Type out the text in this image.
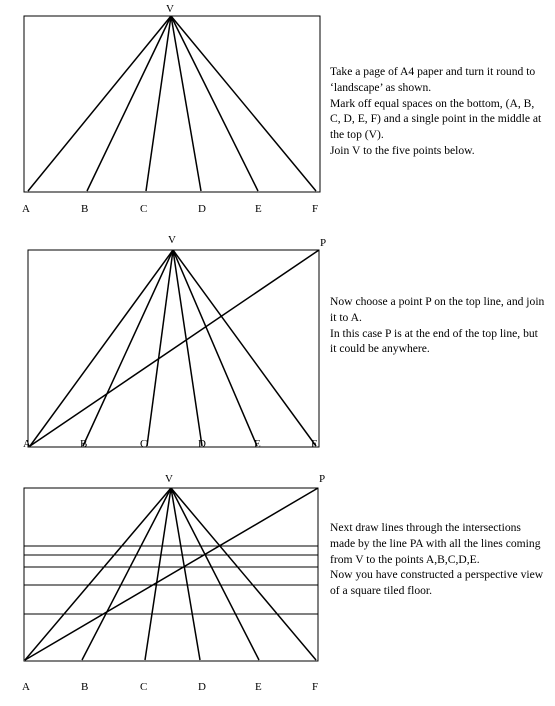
V
A	B	C	D	E	F

Take a page of A4 paper and turn it round to ‘landscape’ as shown.

Mark off equal spaces on the bottom, (A, B, C, D, E, F) and a single point in the middle at the top (V).

Join V to the five points below.

V	P
A	B	C	D	E	F

Now choose a point P on the top line, and join it to A.

In this case P is at the end of the top line, but it could be anywhere.

V	P
A	B	C	D	E	F

Next draw lines through the intersections made by the line PA with all the lines coming from V to the points A,B,C,D,E.

Now you have constructed a perspective view of a square tiled floor.
